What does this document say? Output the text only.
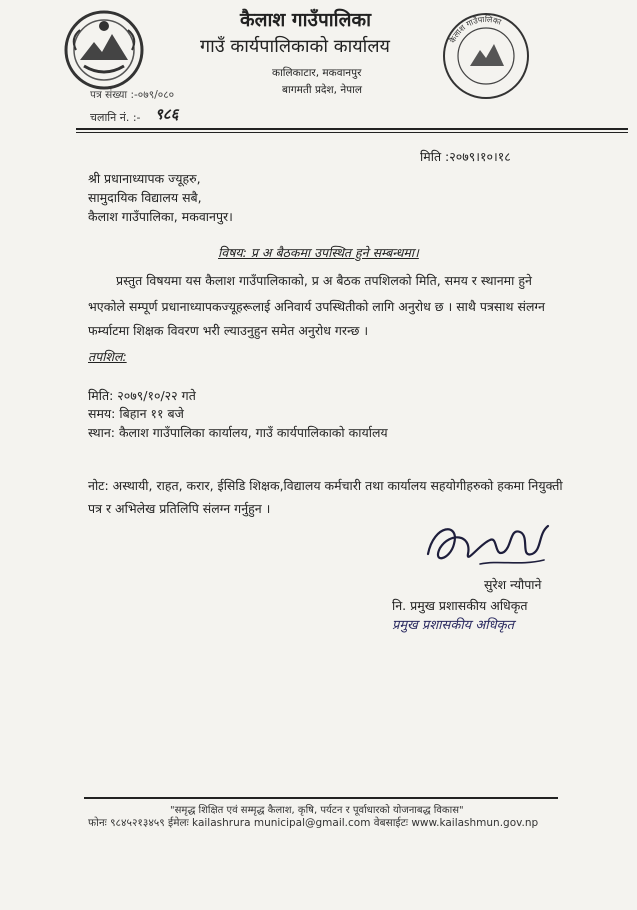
कैलाश गाउँपालिका
गाउँ कार्यपालिकाको कार्यालय
कालिकाटार, मकवानपुर
बागमती प्रदेश, नेपाल
कैलाश गाउँपालिका
पत्र संख्या :-०७९/०८०
चलानि नं. :- ९८६
मिति :२०७९।१०।१८
श्री प्रधानाध्यापक ज्यूहरु,
सामुदायिक विद्यालय सबै,
कैलाश गाउँपालिका, मकवानपुर।
विषय: प्र अ बैठकमा उपस्थित हुने सम्बन्धमा।
प्रस्तुत विषयमा यस कैलाश गाउँपालिकाको, प्र अ बैठक तपशिलको मिति, समय र स्थानमा हुने
भएकोले सम्पूर्ण प्रधानाध्यापकज्यूहरूलाई अनिवार्य उपस्थितीको लागि अनुरोध छ । साथै पत्रसाथ संलग्न
फर्म्याटमा शिक्षक विवरण भरी ल्याउनुहुन समेत अनुरोध गरन्छ ।
तपशिल:
मिति: २०७९/१०/२२ गते
समय: बिहान ११ बजे
स्थान: कैलाश गाउँपालिका कार्यालय, गाउँ कार्यपालिकाको कार्यालय
नोट: अस्थायी, राहत, करार, ईसिडि शिक्षक,विद्यालय कर्मचारी तथा कार्यालय सहयोगीहरुको हकमा नियुक्ती
पत्र र अभिलेख प्रतिलिपि संलग्न गर्नुहुन ।
सुरेश न्यौपाने
नि. प्रमुख प्रशासकीय अधिकृत
प्रमुख प्रशासकीय अधिकृत
"समृद्ध शिक्षित एवं सम्मृद्ध कैलाश, कृषि, पर्यटन र पूर्वाधारको योजनाबद्ध विकास"
फोनः ९८४५२१३४५९ ईमेलः kailashrura municipal@gmail.com वेबसाईटः www.kailashmun.gov.np
